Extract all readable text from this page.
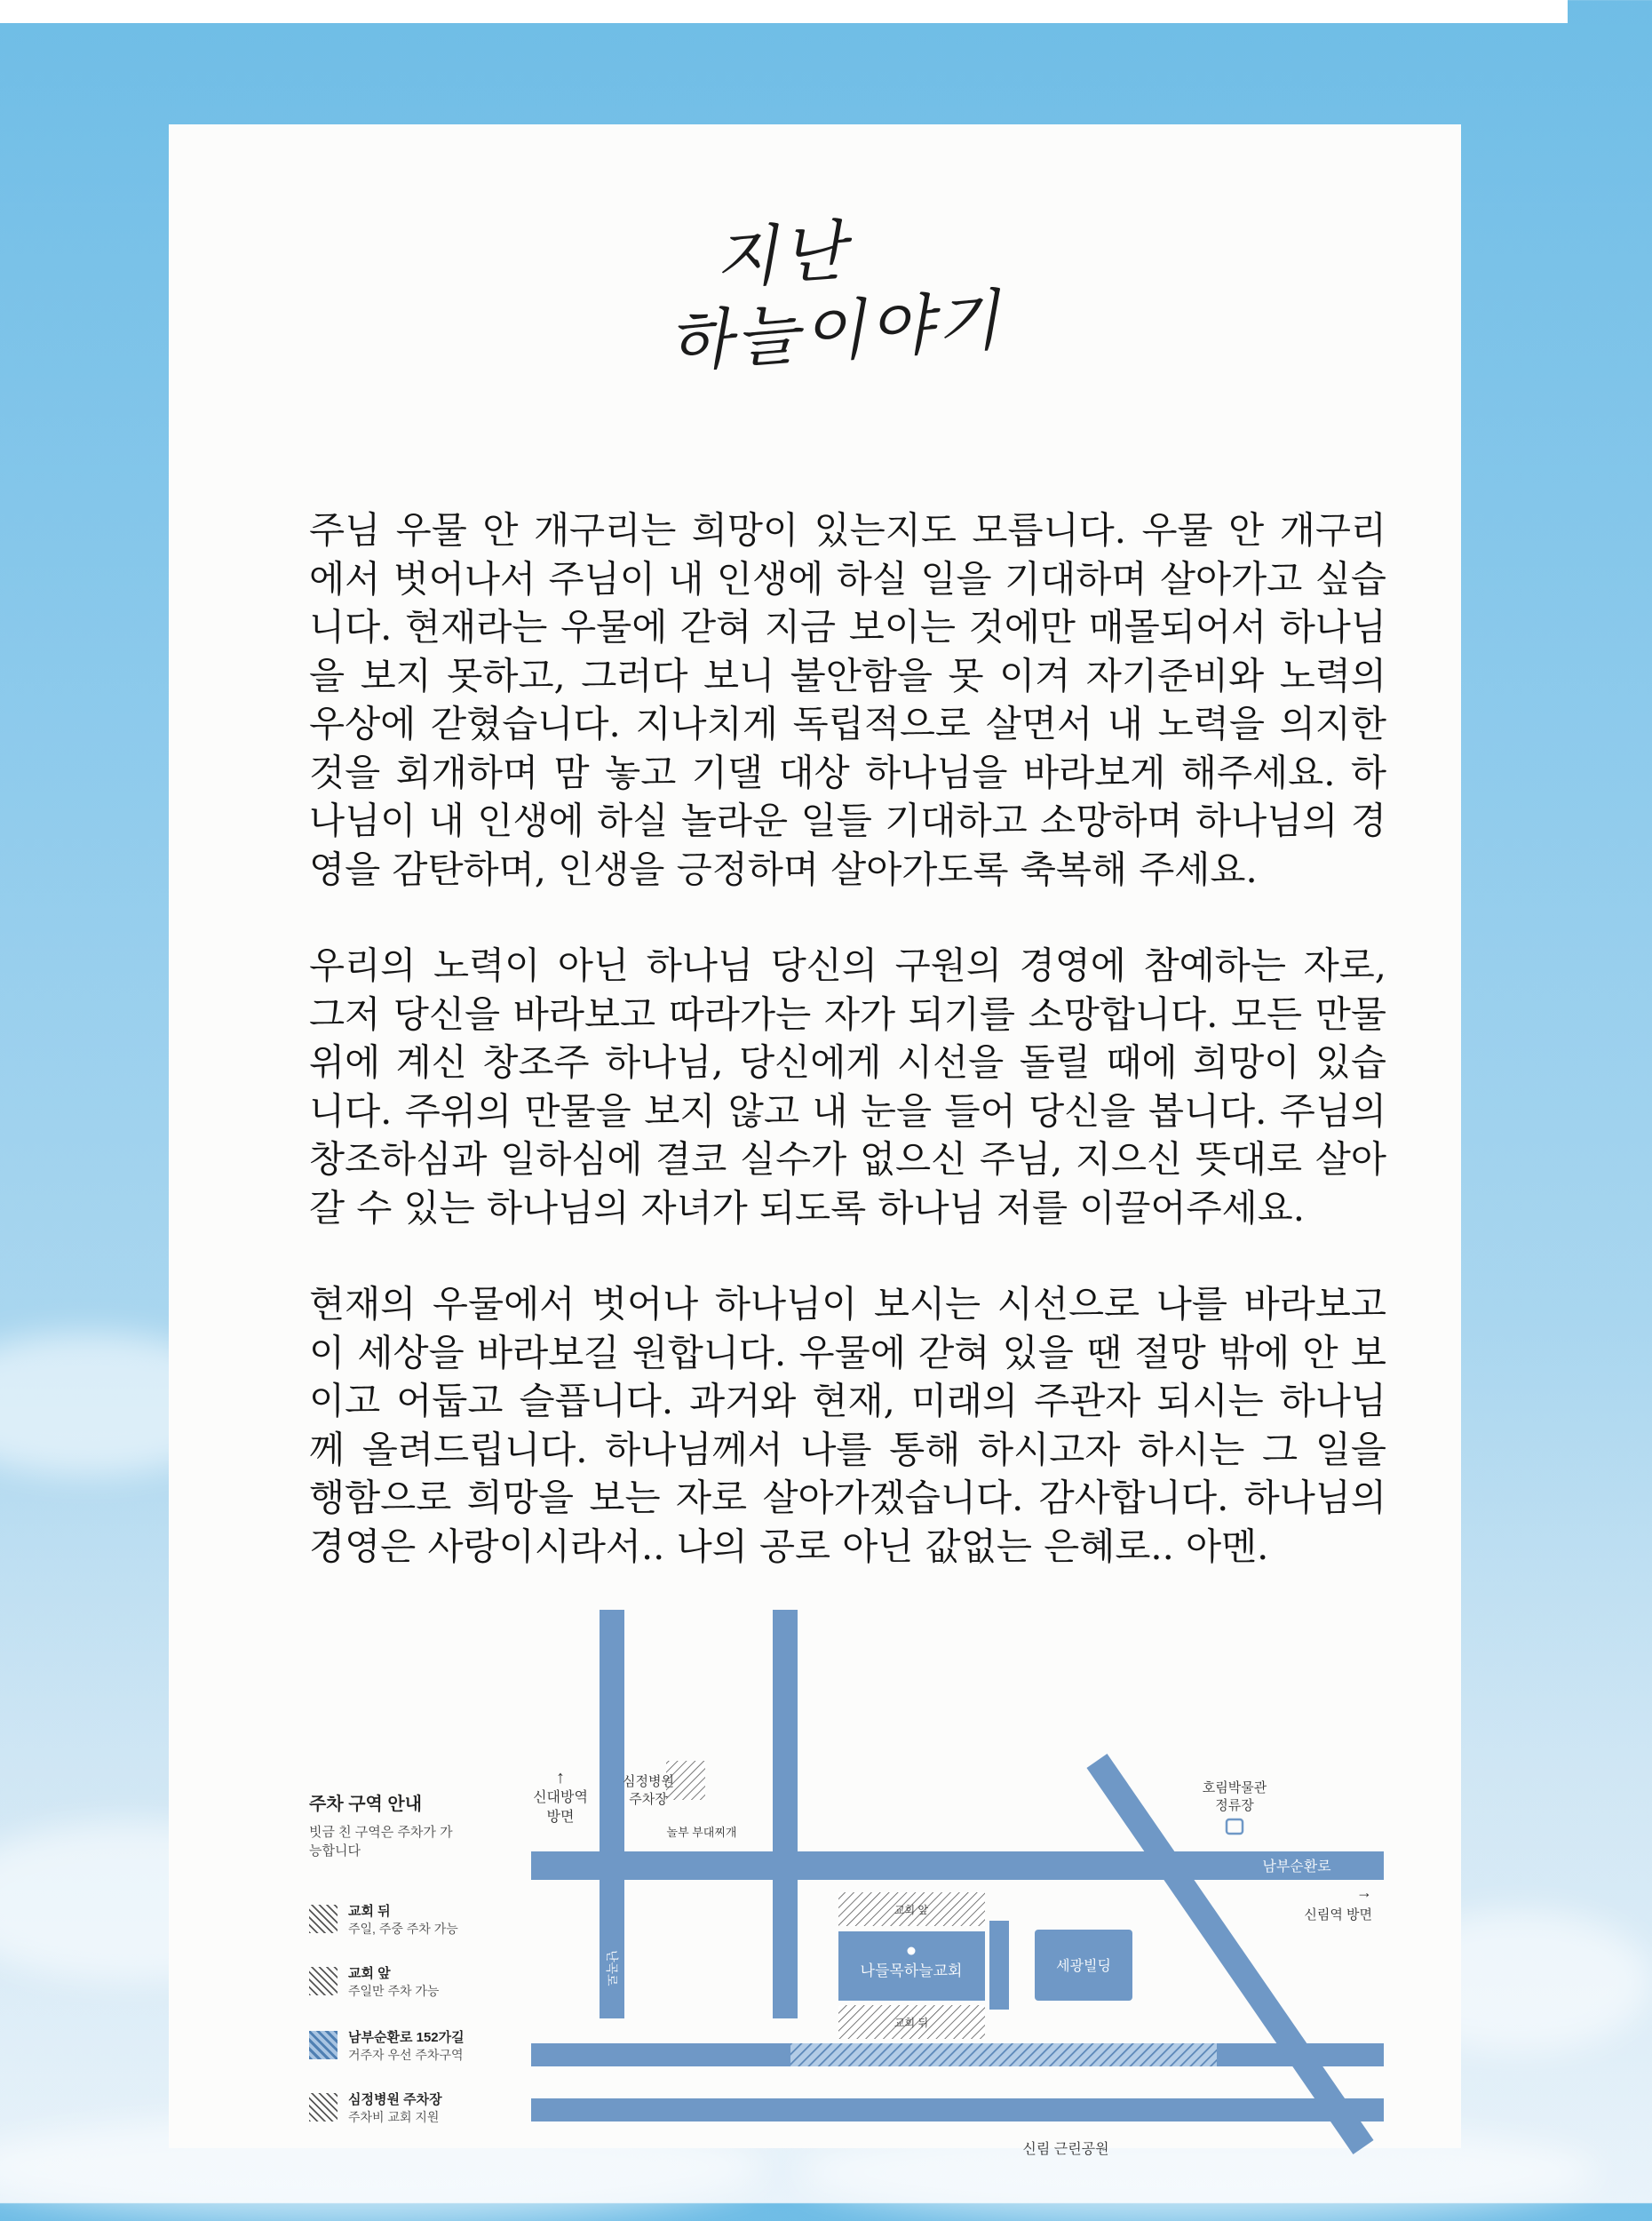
지난
하늘이야기

주님 우물 안 개구리는 희망이 있는지도 모릅니다. 우물 안 개구리에서 벗어나서 주님이 내 인생에 하실 일을 기대하며 살아가고 싶습니다. 현재라는 우물에 갇혀 지금 보이는 것에만 매몰되어서 하나님을 보지 못하고, 그러다 보니 불안함을 못 이겨 자기준비와 노력의 우상에 갇혔습니다. 지나치게 독립적으로 살면서 내 노력을 의지한 것을 회개하며 맘 놓고 기댈 대상 하나님을 바라보게 해주세요. 하나님이 내 인생에 하실 놀라운 일들 기대하고 소망하며 하나님의 경영을 감탄하며, 인생을 긍정하며 살아가도록 축복해 주세요.

우리의 노력이 아닌 하나님 당신의 구원의 경영에 참예하는 자로, 그저 당신을 바라보고 따라가는 자가 되기를 소망합니다. 모든 만물 위에 계신 창조주 하나님, 당신에게 시선을 돌릴 때에 희망이 있습니다. 주위의 만물을 보지 않고 내 눈을 들어 당신을 봅니다. 주님의 창조하심과 일하심에 결코 실수가 없으신 주님, 지으신 뜻대로 살아갈 수 있는 하나님의 자녀가 되도록 하나님 저를 이끌어주세요.

현재의 우물에서 벗어나 하나님이 보시는 시선으로 나를 바라보고 이 세상을 바라보길 원합니다. 우물에 갇혀 있을 땐 절망 밖에 안 보이고 어둡고 슬픕니다. 과거와 현재, 미래의 주관자 되시는 하나님께 올려드립니다. 하나님께서 나를 통해 하시고자 하시는 그 일을 행함으로 희망을 보는 자로 살아가겠습니다. 감사합니다. 하나님의 경영은 사랑이시라서.. 나의 공로 아닌 값없는 은혜로.. 아멘.

주차 구역 안내
빗금 친 구역은 주차가 가능합니다
교회 뒤
주일, 주중 주차 가능
교회 앞
주일만 주차 가능
남부순환로 152가길
거주자 우선 주차구역
심정병원 주차장
주차비 교회 지원
↑
신대방역
방면
심정병원
주차장
놀부 부대찌개
호림박물관
정류장
남부순환로
→
신림역 방면
난곡로
교회 앞
교회 뒤
나들목하늘교회	세광빌딩
신림 근린공원
